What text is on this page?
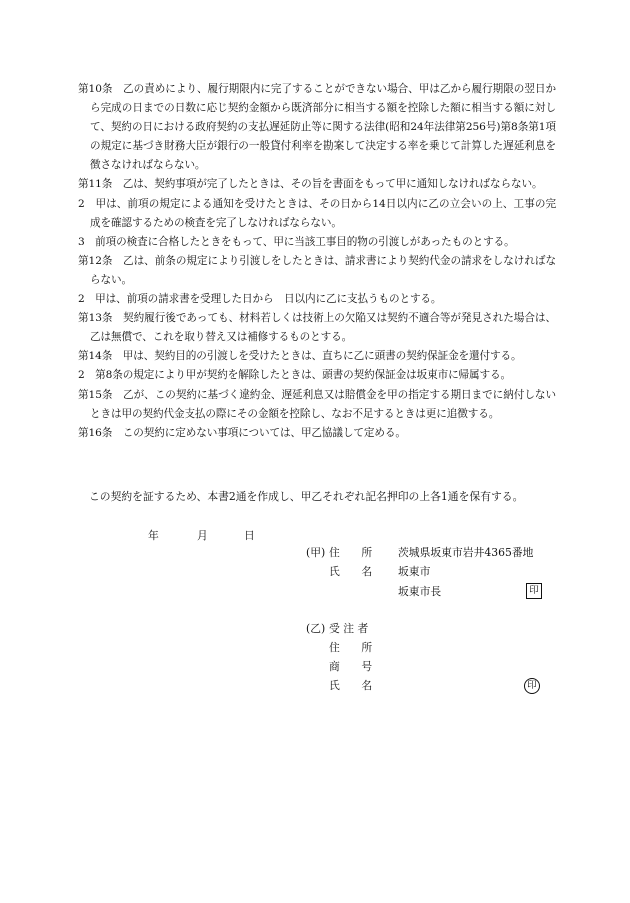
第10条　乙の責めにより、履行期限内に完了することができない場合、甲は乙から履行期限の翌日から完成の日までの日数に応じ契約金額から既済部分に相当する額を控除した額に相当する額に対して、契約の日における政府契約の支払遅延防止等に関する法律(昭和24年法律第256号)第8条第1項の規定に基づき財務大臣が銀行の一般貸付利率を勘案して決定する率を乗じて計算した遅延利息を徴さなければならない。
第11条　乙は、契約事項が完了したときは、その旨を書面をもって甲に通知しなければならない。
2　甲は、前項の規定による通知を受けたときは、その日から14日以内に乙の立会いの上、工事の完成を確認するための検査を完了しなければならない。
3　前項の検査に合格したときをもって、甲に当該工事目的物の引渡しがあったものとする。
第12条　乙は、前条の規定により引渡しをしたときは、請求書により契約代金の請求をしなければならない。
2　甲は、前項の請求書を受理した日から　日以内に乙に支払うものとする。
第13条　契約履行後であっても、材料若しくは技術上の欠陥又は契約不適合等が発見された場合は、乙は無償で、これを取り替え又は補修するものとする。
第14条　甲は、契約目的の引渡しを受けたときは、直ちに乙に頭書の契約保証金を還付する。
2　第8条の規定により甲が契約を解除したときは、頭書の契約保証金は坂東市に帰属する。
第15条　乙が、この契約に基づく違約金、遅延利息又は賠償金を甲の指定する期日までに納付しないときは甲の契約代金支払の際にその金額を控除し、なお不足するときは更に追徴する。
第16条　この契約に定めない事項については、甲乙協議して定める。
この契約を証するため、本書2通を作成し、甲乙それぞれ記名押印の上各1通を保有する。
年	月	日
(甲) 住　　所 茨城県坂東市岩井4365番地
氏　　名 坂東市
坂東市長	印
(乙) 受 注 者
住　　所
商　　号
氏　　名	印
